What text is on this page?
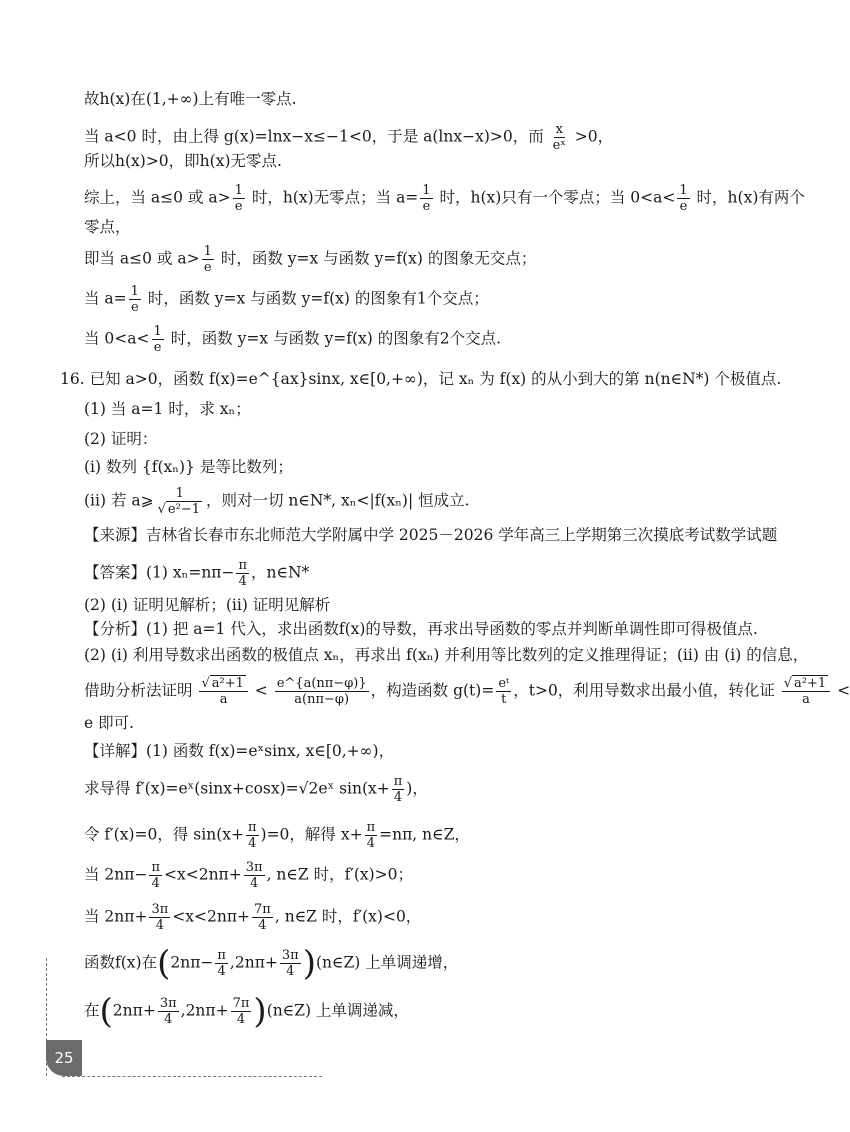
故h(x)在(1,+∞)上有唯一零点.
当 a<0 时，由上得 g(x)=lnx−x≤−1<0，于是 a(lnx−x)>0，而 $\frac{x}{\text{eˣ}} >0$，
所以h(x)>0，即h(x)无零点.
综上，当 a≤0 或 $a> \frac{1}{e}$ 时，h(x)无零点；当 $a= \frac{1}{e}$ 时，h(x)只有一个零点；当 $0<a< \frac{1}{e}$ 时，h(x)有两个
零点，
即当 a≤0 或 $a> \frac{1}{e}$ 时，函数 y=x 与函数 y=f(x) 的图象无交点；
当 $a= \frac{1}{e}$ 时，函数 y=x 与函数 y=f(x) 的图象有1个交点；
当 $0<a< \frac{1}{e}$ 时，函数 y=x 与函数 y=f(x) 的图象有2个交点.
16. 已知 a>0，函数 f(x)=e^{ax}sinx, x∈[0,+∞)，记 xₙ 为 f(x) 的从小到大的第 n(n∈N*) 个极值点.
(1) 当 a=1 时，求 xₙ；
(2) 证明：
(i) 数列 {f(xₙ)} 是等比数列；
(ii) 若 a⩾ $\frac{1}{\text{√ e²−1}}$ ，则对一切 n∈N*, xₙ<|f(xₙ)| 恒成立.
【来源】吉林省长春市东北师范大学附属中学 2025－2026 学年高三上学期第三次摸底考试数学试题
【答案】(1) $x_n=n\pi- \frac{\pi}{4}$ ，n∈N*
(2) (i) 证明见解析；(ii) 证明见解析
【分析】(1) 把 a=1 代入，求出函数f(x)的导数，再求出导函数的零点并判断单调性即可得极值点.
(2) (i) 利用导数求出函数的极值点 xₙ，再求出 f(xₙ) 并利用等比数列的定义推理得证；(ii) 由 (i) 的信息，
借助分析法证明 $\frac{\text{√ a²+1}}{a} < \frac{e\^{}\{a(n\pi-\varphi)\}}{a(n\pi-\varphi)}$ ，构造函数 $g(t)= \frac{\text{eᵗ}}{t}$ ，t>0，利用导数求出最小值，转化证 $\frac{\text{√ a²+1}}{a}$ <
e 即可.
【详解】(1) 函数 f(x)=eˣsinx, x∈[0,+∞)，
求导得 f′(x)=eˣ(sinx+cosx)=√2eˣ $\sin(x+ \frac{\pi}{4}$ )，
令 f′(x)=0，得 $\sin(x+ \frac{\pi}{4} )=0$，解得 $x+ \frac{\pi}{4} =n\pi$, n∈Z，
当 $2n\pi- \frac{\pi}{4} <x<2n\pi+ \frac{3\pi}{4}$ , n∈Z 时，f′(x)>0；
当 $2n\pi+ \frac{3\pi}{4} <x<2n\pi+ \frac{7\pi}{4}$ , n∈Z 时，f′(x)<0，
函数f(x)在($2n\pi- \frac{\pi}{4} ,2n\pi+ \frac{3\pi}{4}$ )(n∈Z) 上单调递增，
在($2n\pi+ \frac{3\pi}{4} ,2n\pi+ \frac{7\pi}{4}$ )(n∈Z) 上单调递减，
25
